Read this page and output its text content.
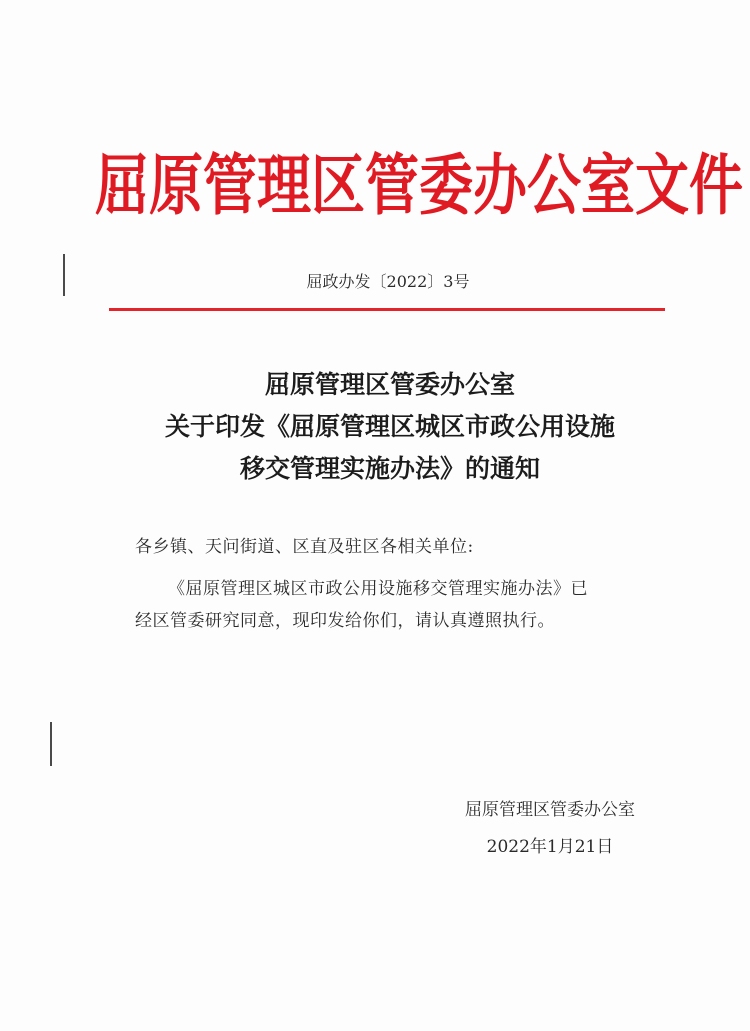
屈原管理区管委办公室文件
屈政办发〔2022〕3号
屈原管理区管委办公室
关于印发《屈原管理区城区市政公用设施
移交管理实施办法》的通知
各乡镇、天问街道、区直及驻区各相关单位:
《屈原管理区城区市政公用设施移交管理实施办法》已
经区管委研究同意，现印发给你们，请认真遵照执行。
屈原管理区管委办公室
2022年1月21日
